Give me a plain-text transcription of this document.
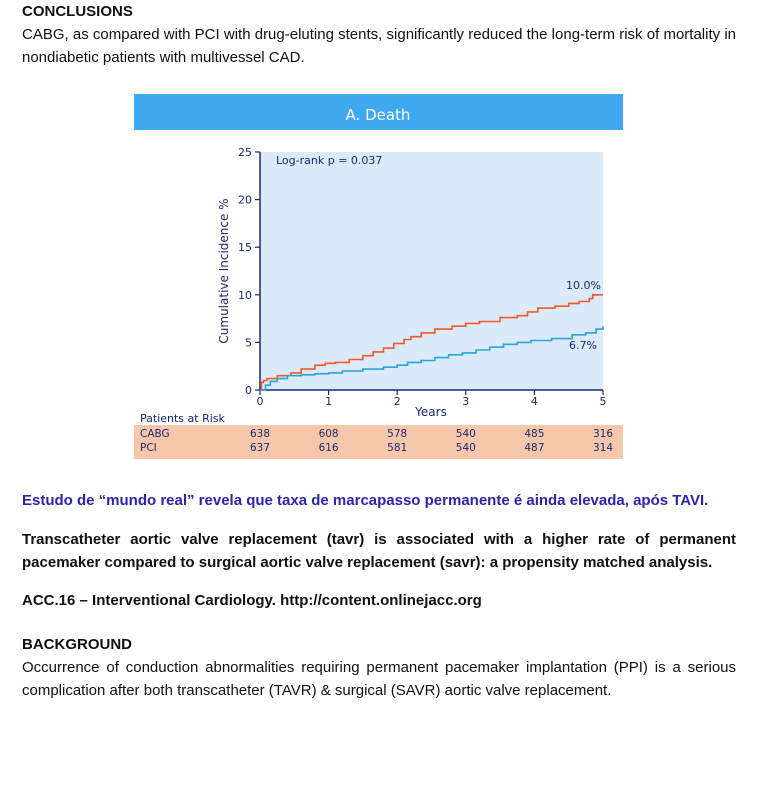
CONCLUSIONS
CABG, as compared with PCI with drug-eluting stents, significantly reduced the long-term risk of mortality in nondiabetic patients with multivessel CAD.
A. Death
Log-rank p = 0.037
0	1	2	3	4	5
0
5
10
15
20
25
10.0%
6.7%
Years
Cumulative Incidence %
Patients at Risk
CABG	638	608	578	540	485	316
PCI	637	616	581	540	487	314
Estudo de “mundo real” revela que taxa de marcapasso permanente é ainda elevada, após TAVI.
Transcatheter aortic valve replacement (tavr) is associated with a higher rate of permanent pacemaker compared to surgical aortic valve replacement (savr): a propensity matched analysis.
ACC.16 – Interventional Cardiology. http://content.onlinejacc.org
BACKGROUND
Occurrence of conduction abnormalities requiring permanent pacemaker implantation (PPI) is a serious complication after both transcatheter (TAVR) & surgical (SAVR) aortic valve replacement.
